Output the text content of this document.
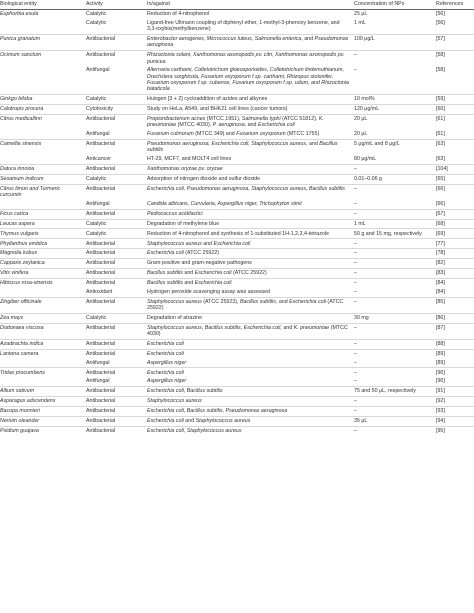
Biological entity	Activity	In/against	Concentration of NPs	References
Euphorbia esula	Catalytic	Reduction of 4-nitrophenol	25 μL	[56]
	Catalytic	Ligand-free Ullmann coupling of diphenyl ether, 1-methyl-3-phenoxy benzene, and 3,3-oxybis(methylbenzene)	1 mL	[56]
Punica granatum	Antibacterial	Enterobacter aerogenes, Micrococcus luteus, Salmonella enterica, and Pseudomonas aeruginosa	100 μg/L	[57]
Ocimum sanctum	Antibacterial	Rhizoctonia solani, Xanthomonas axonopodis pv. citri, Xanthomonas axonopodis pv. punicea	–	[58]
	Antifungal	Alternaria carthami, Colletotrichum gloeosporioides, Colletotrichum lindemuthianum, Drechslera sorghicola, Fusarium oxysporum f.sp. carthami, Rhizopus stolonifer, Fusarium oxysporum f.sp. cubense, Fusarium oxysporum f.sp. udum, and Rhizoctonia bataticola	–	[58]
Ginkgo biloba	Catalytic	Huisgen [3 + 2] cycloaddition of azides and alkynes	10 mol%	[59]
Calotropis procera	Cytotoxicity	Study on HeLa, A549, and BHK21 cell lines (cancer tumors)	120 μg/mL	[60]
Citrus medicallinn	Antibacterial	Propionibacterium acnes (MTCC 1951), Salmonella typhi (ATCC 51812), K. pneumoniae (MTCC 4030), P. aeruginosa, and Escherichia coli	20 μL	[61]
	Antifungal	Fusarium culmorum (MTCC 349) and Fusarium oxysporum (MTCC 1755)	20 μL	[61]
Camellia sinensis	Antibacterial	Pseudomonas aeruginosa, Escherichia coli, Staphylococcus aureus, and Bacillus subtilis	5 μg/mL and 8 μg/L	[63]
	Anticancer	HT-29, MCF7, and MOLT4 cell lines	80 μg/mL	[63]
Datura innoxia	Antibacterial	Xanthomonas oryzae pv. oryzae	–	[104]
Sesamum indicum	Catalytic	Adsorption of nitrogen dioxide and sulfur dioxide	0.01–0.06 g	[65]
Citrus limon and Turmeric curcumin	Antibacterial	Escherichia coli, Pseudomonas aeruginosa, Staphylococcus aureus, Bacillus subtilis	–	[66]
	Antifungal	Candida albicans, Curvularia, Aspergillus niger, Trichophyton simii	–	[66]
Ficus carica	Antibacterial	Pediococcus acidilactici	–	[67]
Leucas aspera	Catalytic	Degradation of methylene blue	1 mL	[68]
Thymus vulgaris	Catalytic	Reduction of 4-nitrophenol and synthesis of 1-substituted 1H-1,2,3,4-tetrazole	50 g and 15 mg, respectively	[69]
Phyllanthus emblica	Antibacterial	Staphylococcus aureus and Escherichia coli	–	[77]
Magnolia kobus	Antibacterial	Escherichia coli (ATCC 25922)	–	[78]
Capparis zeylanica	Antibacterial	Gram-positive and gram-negative pathogens	–	[82]
Vitis vinifera	Antibacterial	Bacillus subtilis and Escherichia coli (ATCC 25922)	–	[83]
Hibiscus rosa-sinensis	Antibacterial	Bacillus subtilis and Escherichia coli	–	[84]
	Antioxidant	Hydrogen peroxide scavenging assay was assessed	–	[84]
Zingiber officinale	Antibacterial	Staphylococcus aureus (ATCC 25923), Bacillus subtilis, and Escherichia coli (ATCC 25922)	–	[85]
Zea mays	Catalytic	Degradation of atrazine	30 mg	[86]
Dodonaea viscosa	Antibacterial	Staphylococcus aureus, Bacillus subtilis, Escherichia coli, and K. pneumoniae (MTCC 4030)	–	[87]
Azadirachta indica	Antibacterial	Escherichia coli	–	[88]
Lantana camera	Antibacterial	Escherichia coli	–	[89]
	Antifungal	Aspergillus niger	–	[89]
Tridax procumbens	Antibacterial	Escherichia coli	–	[90]
	Antifungal	Aspergillus niger	–	[90]
Allium sativum	Antibacterial	Escherichia coli, Bacillus subtilis	75 and 50 μL, respectively	[91]
Asparagus adscendens	Antibacterial	Staphylococcus aureus	–	[92]
Bacopa monnieri	Antibacterial	Escherichia coli, Bacillus subtilis, Pseudomonas aeruginosa	–	[93]
Nerium oleander	Antibacterial	Escherichia coli and Staphylococcus aureus	35 μL	[94]
Psidium guajava	Antibacterial	Escherichia coli, Staphylococcus aureus	–	[95]
